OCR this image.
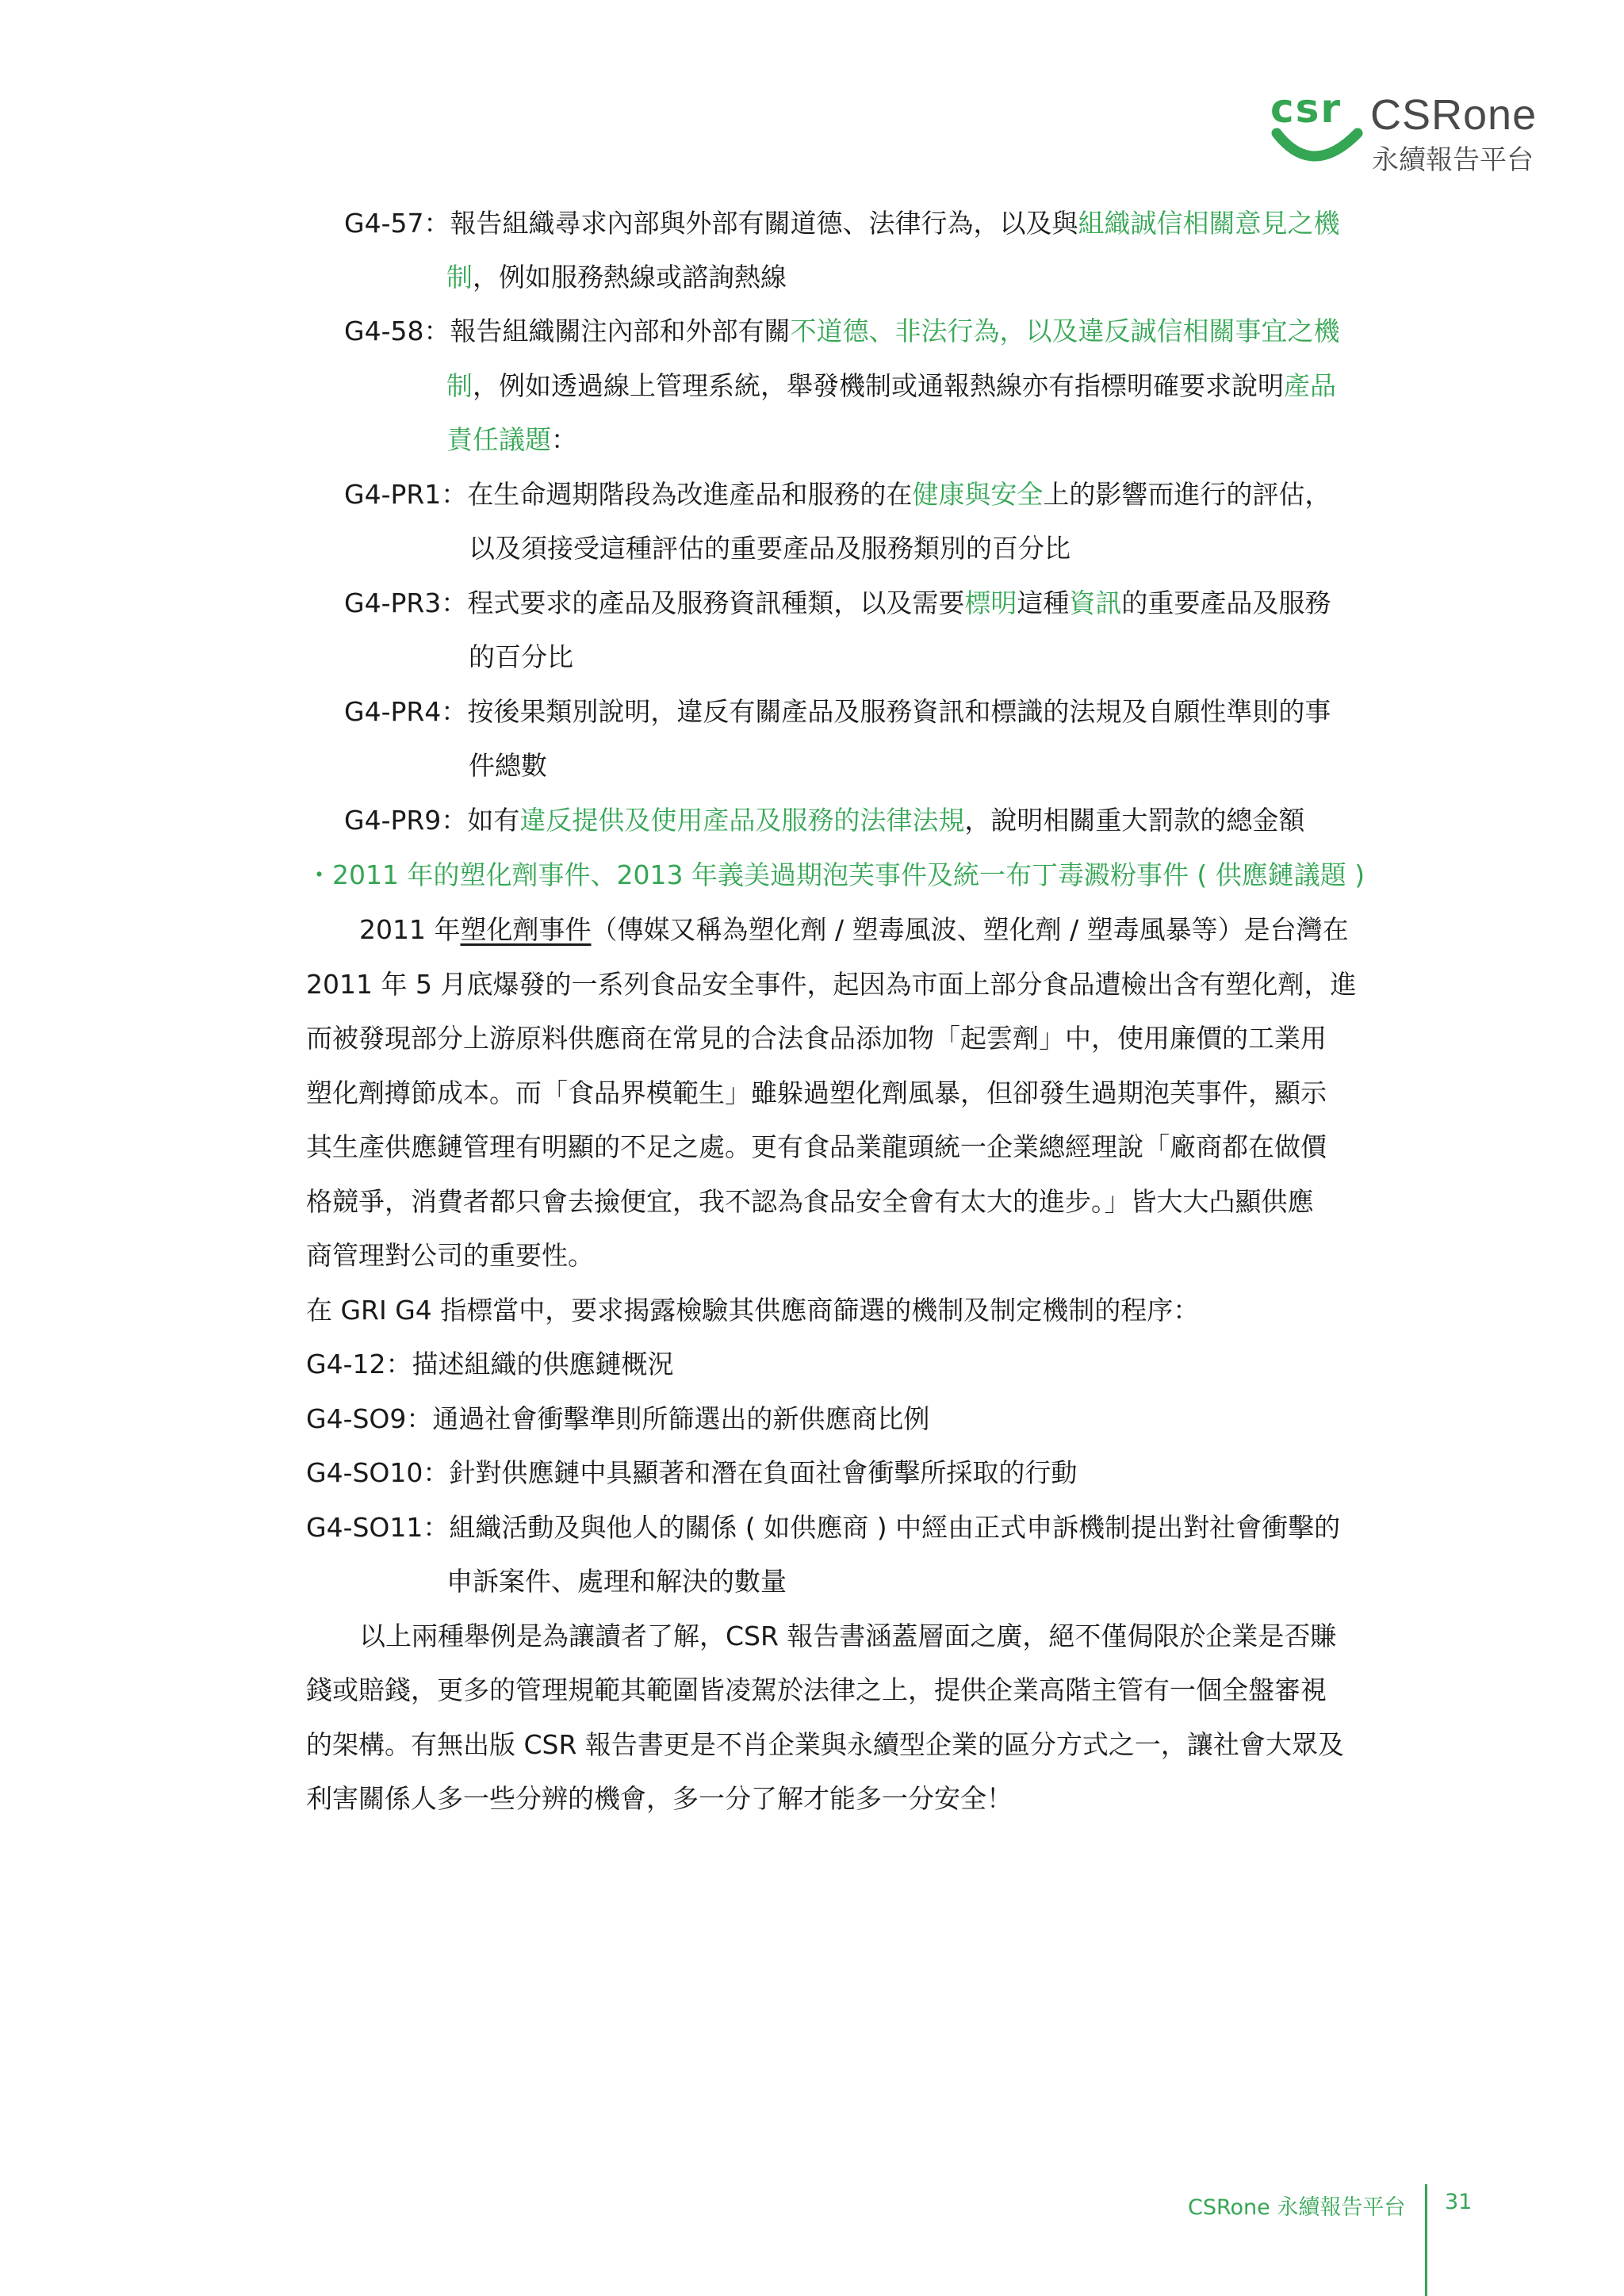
csr CSRone
永續報告平台
G4-57：報告組織尋求內部與外部有關道德、法律行為，以及與組織誠信相關意見之機
制，例如服務熱線或諮詢熱線
G4-58：報告組織關注內部和外部有關不道德、非法行為，以及違反誠信相關事宜之機
制，例如透過線上管理系統，舉發機制或通報熱線亦有指標明確要求說明產品
責任議題：
G4-PR1：在生命週期階段為改進產品和服務的在健康與安全上的影響而進行的評估，
以及須接受這種評估的重要產品及服務類別的百分比
G4-PR3：程式要求的產品及服務資訊種類，以及需要標明這種資訊的重要產品及服務
的百分比
G4-PR4：按後果類別說明，違反有關產品及服務資訊和標識的法規及自願性準則的事
件總數
G4-PR9：如有違反提供及使用產品及服務的法律法規，說明相關重大罰款的總金額
・2011 年的塑化劑事件、2013 年義美過期泡芙事件及統一布丁毒澱粉事件 ( 供應鏈議題 )
2011 年塑化劑事件（傳媒又稱為塑化劑 / 塑毒風波、塑化劑 / 塑毒風暴等）是台灣在
2011 年 5 月底爆發的一系列食品安全事件，起因為市面上部分食品遭檢出含有塑化劑，進
而被發現部分上游原料供應商在常見的合法食品添加物「起雲劑」中，使用廉價的工業用
塑化劑撙節成本。而「食品界模範生」雖躲過塑化劑風暴，但卻發生過期泡芙事件，顯示
其生產供應鏈管理有明顯的不足之處。更有食品業龍頭統一企業總經理說「廠商都在做價
格競爭，消費者都只會去撿便宜，我不認為食品安全會有太大的進步。」皆大大凸顯供應
商管理對公司的重要性。
在 GRI G4 指標當中，要求揭露檢驗其供應商篩選的機制及制定機制的程序：
G4-12：描述組織的供應鏈概況
G4-SO9：通過社會衝擊準則所篩選出的新供應商比例
G4-SO10：針對供應鏈中具顯著和潛在負面社會衝擊所採取的行動
G4-SO11：組織活動及與他人的關係 ( 如供應商 ) 中經由正式申訴機制提出對社會衝擊的
申訴案件、處理和解決的數量
以上兩種舉例是為讓讀者了解，CSR 報告書涵蓋層面之廣，絕不僅侷限於企業是否賺
錢或賠錢，更多的管理規範其範圍皆凌駕於法律之上，提供企業高階主管有一個全盤審視
的架構。有無出版 CSR 報告書更是不肖企業與永續型企業的區分方式之一，讓社會大眾及
利害關係人多一些分辨的機會，多一分了解才能多一分安全！
CSRone 永續報告平台 31
